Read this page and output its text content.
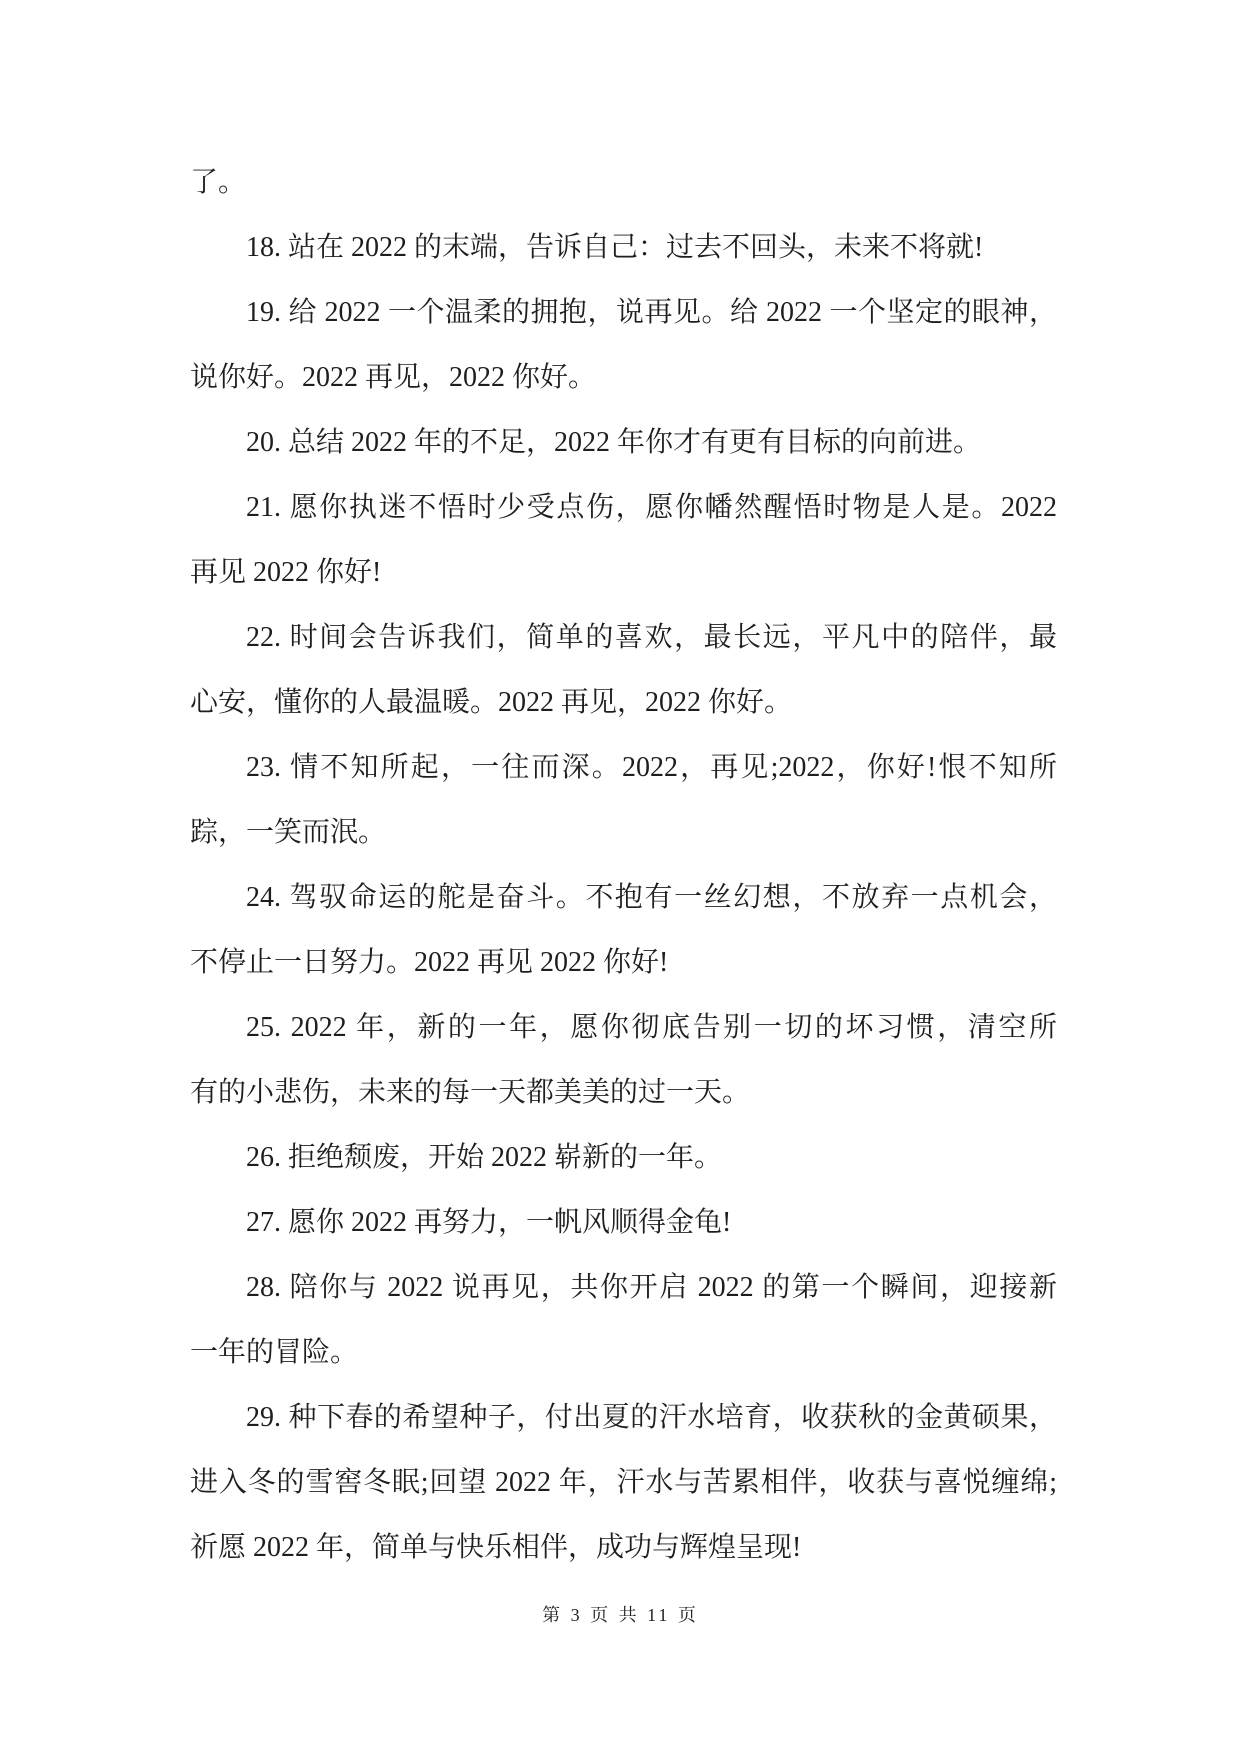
了。
18. 站在 2022 的末端，告诉自己：过去不回头，未来不将就!
19. 给 2022 一个温柔的拥抱，说再见。给 2022 一个坚定的眼神，
说你好。2022 再见，2022 你好。
20. 总结 2022 年的不足，2022 年你才有更有目标的向前进。
21. 愿你执迷不悟时少受点伤，愿你幡然醒悟时物是人是。2022
再见 2022 你好!
22. 时间会告诉我们，简单的喜欢，最长远，平凡中的陪伴，最
心安，懂你的人最温暖。2022 再见，2022 你好。
23. 情不知所起，一往而深。2022，再见;2022，你好!恨不知所
踪，一笑而泯。
24. 驾驭命运的舵是奋斗。不抱有一丝幻想，不放弃一点机会，
不停止一日努力。2022 再见 2022 你好!
25. 2022 年，新的一年，愿你彻底告别一切的坏习惯，清空所
有的小悲伤，未来的每一天都美美的过一天。
26. 拒绝颓废，开始 2022 崭新的一年。
27. 愿你 2022 再努力，一帆风顺得金龟!
28. 陪你与 2022 说再见，共你开启 2022 的第一个瞬间，迎接新
一年的冒险。
29. 种下春的希望种子，付出夏的汗水培育，收获秋的金黄硕果，
进入冬的雪窖冬眠;回望 2022 年，汗水与苦累相伴，收获与喜悦缠绵;
祈愿 2022 年，简单与快乐相伴，成功与辉煌呈现!
第 3 页 共 11 页
